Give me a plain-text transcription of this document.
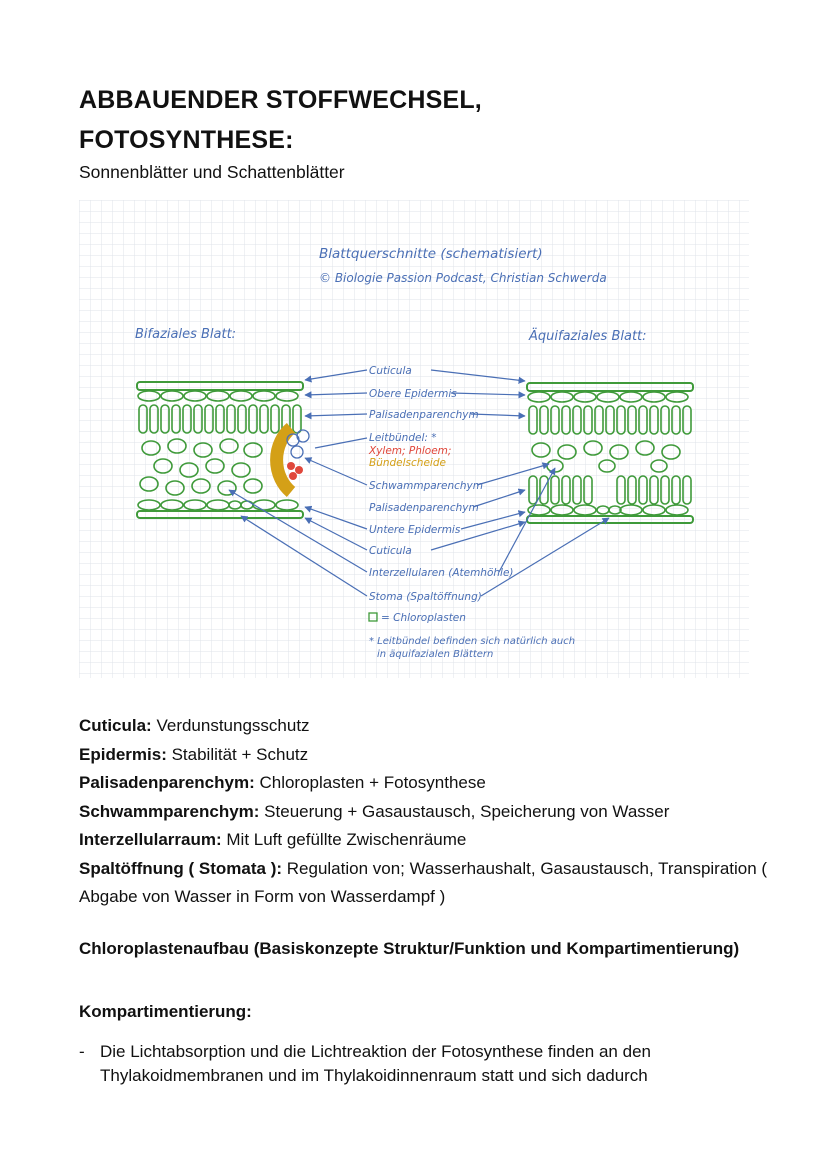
ABBAUENDER STOFFWECHSEL,
FOTOSYNTHESE:
Sonnenblätter und Schattenblätter
Blattquerschnitte (schematisiert)
© Biologie Passion Podcast, Christian Schwerda
Bifaziales Blatt:	Äquifaziales Blatt:
Cuticula
Obere Epidermis
Palisadenparenchym
Leitbündel: *
Xylem; Phloem;
Bündelscheide
Schwammparenchym
Palisadenparenchym
Untere Epidermis
Cuticula
Interzellularen (Atemhöhle)
Stoma (Spaltöffnung)
= Chloroplasten
* Leitbündel befinden sich natürlich auch
in äquifazialen Blättern
Cuticula: Verdunstungsschutz
Epidermis: Stabilität + Schutz
Palisadenparenchym: Chloroplasten + Fotosynthese
Schwammparenchym: Steuerung + Gasaustausch, Speicherung von Wasser
Interzellularraum: Mit Luft gefüllte Zwischenräume
Spaltöffnung ( Stomata ): Regulation von; Wasserhaushalt, Gasaustausch, Transpiration ( Abgabe von Wasser in Form von Wasserdampf )
Chloroplastenaufbau (Basiskonzepte Struktur/Funktion und Kompartimentierung)
Kompartimentierung:
- Die Lichtabsorption und die Lichtreaktion der Fotosynthese finden an den Thylakoidmembranen und im Thylakoidinnenraum statt und sich dadurch
